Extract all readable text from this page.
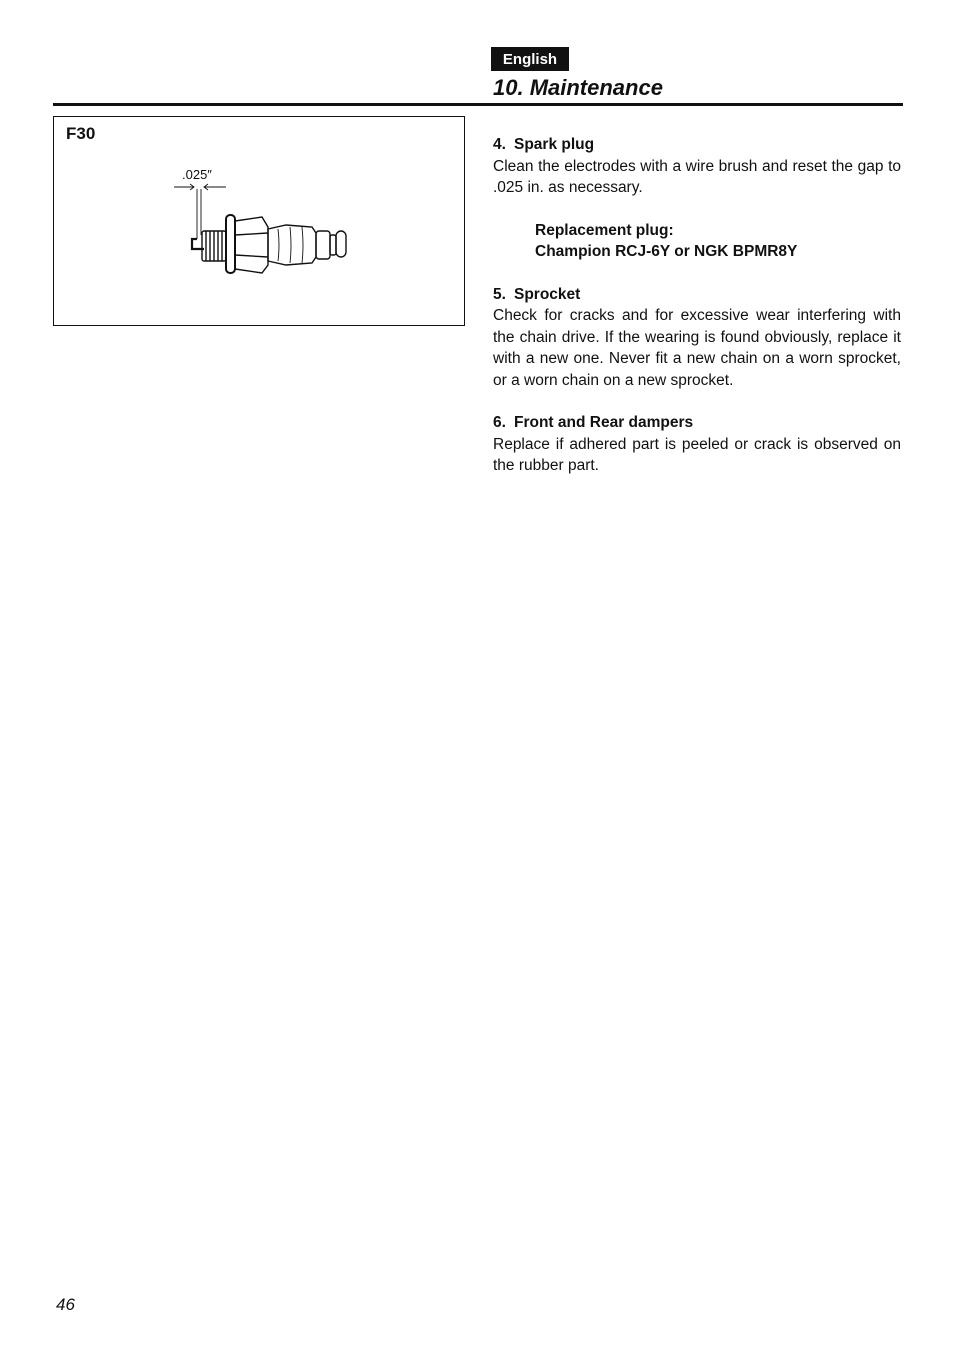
English
10. Maintenance
F30
.025″

4. Spark plug

Clean the electrodes with a wire brush and reset the gap to .025 in. as necessary.

Replacement plug:

Champion RCJ-6Y or NGK BPMR8Y

5. Sprocket

Check for cracks and for excessive wear interfering with the chain drive. If the wearing is found obviously, replace it with a new one. Never fit a new chain on a worn sprocket, or a worn chain on a new sprocket.

6. Front and Rear dampers

Replace if adhered part is peeled or crack is observed on the rubber part.

46
